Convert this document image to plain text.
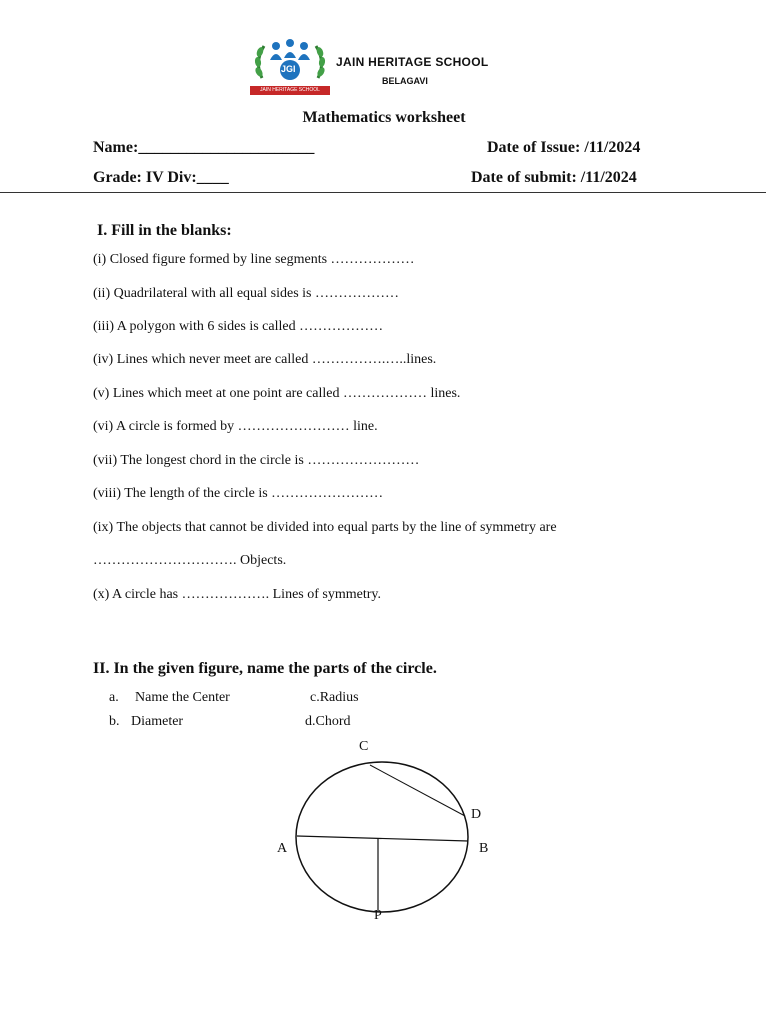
JGI
JAIN HERITAGE SCHOOL
JAIN HERITAGE SCHOOL
BELAGAVI
Mathematics worksheet
Name:______________________	Date of Issue: /11/2024
Grade: IV Div:____	Date of submit: /11/2024
I. Fill in the blanks:
(i) Closed figure formed by line segments ………………
(ii) Quadrilateral with all equal sides is ………………
(iii) A polygon with 6 sides is called ………………
(iv) Lines which never meet are called …………….…..lines.
(v) Lines which meet at one point are called ……………… lines.
(vi) A circle is formed by …………………… line.
(vii) The longest chord in the circle is ……………………
(viii) The length of the circle is ……………………
(ix) The objects that cannot be divided into equal parts by the line of symmetry are
…………………………. Objects.
(x) A circle has ………………. Lines of symmetry.
II. In the given figure, name the parts of the circle.
a. Name the Center	c.Radius
b. Diameter	d.Chord
C
D
A	B
P
